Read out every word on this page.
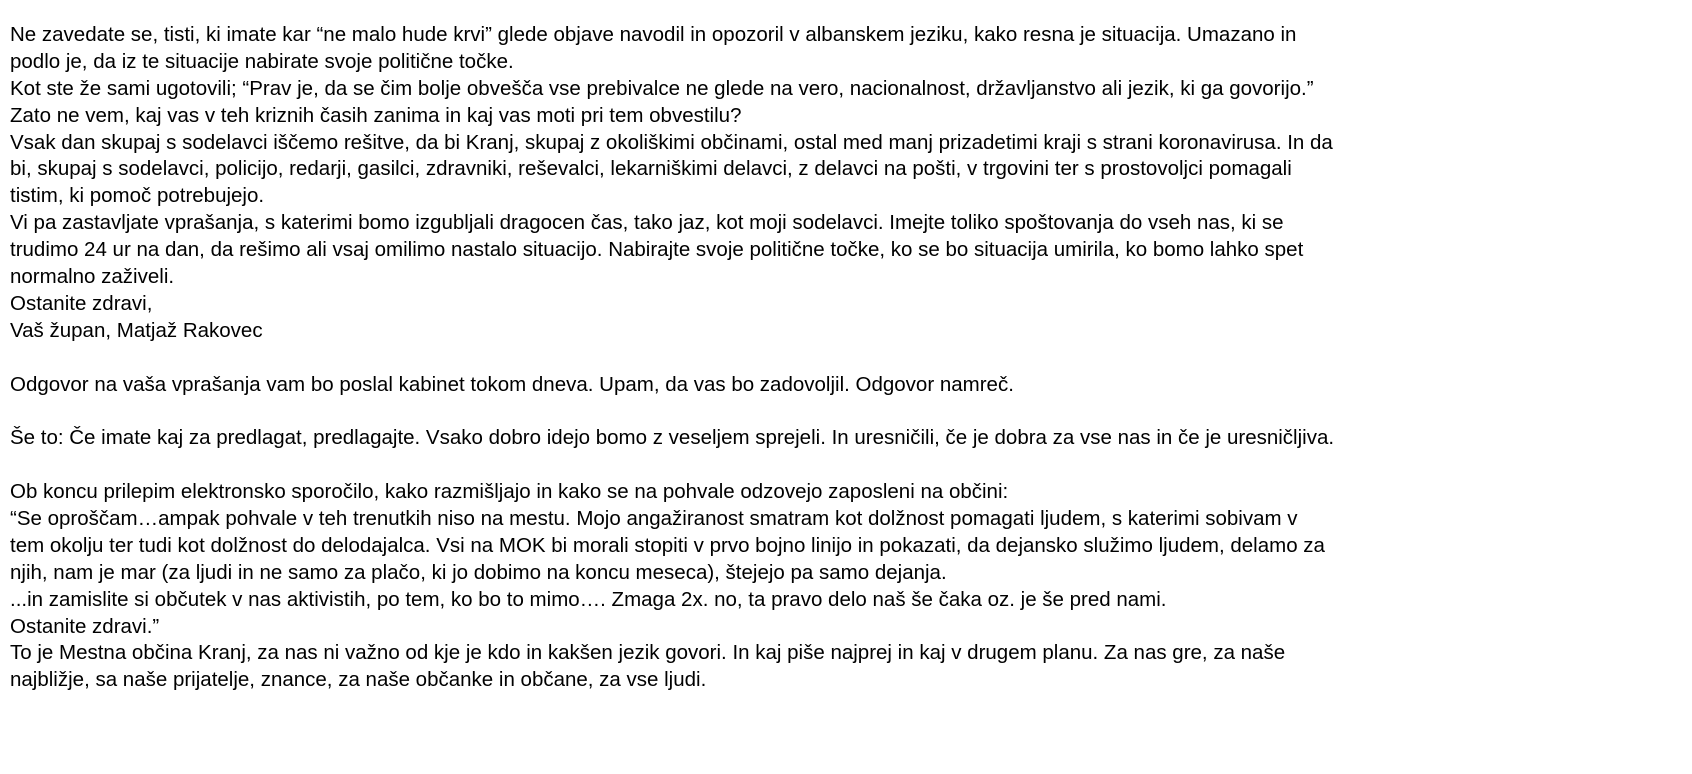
Ne zavedate se, tisti, ki imate kar “ne malo hude krvi” glede objave navodil in opozoril v albanskem jeziku, kako resna je situacija. Umazano in
podlo je, da iz te situacije nabirate svoje politične točke.
Kot ste že sami ugotovili; “Prav je, da se čim bolje obvešča vse prebivalce ne glede na vero, nacionalnost, državljanstvo ali jezik, ki ga govorijo.”
Zato ne vem, kaj vas v teh kriznih časih zanima in kaj vas moti pri tem obvestilu?
Vsak dan skupaj s sodelavci iščemo rešitve, da bi Kranj, skupaj z okoliškimi občinami, ostal med manj prizadetimi kraji s strani koronavirusa. In da
bi, skupaj s sodelavci, policijo, redarji, gasilci, zdravniki, reševalci, lekarniškimi delavci, z delavci na pošti, v trgovini ter s prostovoljci pomagali
tistim, ki pomoč potrebujejo.
Vi pa zastavljate vprašanja, s katerimi bomo izgubljali dragocen čas, tako jaz, kot moji sodelavci. Imejte toliko spoštovanja do vseh nas, ki se
trudimo 24 ur na dan, da rešimo ali vsaj omilimo nastalo situacijo. Nabirajte svoje politične točke, ko se bo situacija umirila, ko bomo lahko spet
normalno zaživeli.
Ostanite zdravi,
Vaš župan, Matjaž Rakovec
Odgovor na vaša vprašanja vam bo poslal kabinet tokom dneva. Upam, da vas bo zadovoljil. Odgovor namreč.
Še to: Če imate kaj za predlagat, predlagajte. Vsako dobro idejo bomo z veseljem sprejeli. In uresničili, če je dobra za vse nas in če je uresničljiva.
Ob koncu prilepim elektronsko sporočilo, kako razmišljajo in kako se na pohvale odzovejo zaposleni na občini:
“Se oproščam…ampak pohvale v teh trenutkih niso na mestu. Mojo angažiranost smatram kot dolžnost pomagati ljudem, s katerimi sobivam v
tem okolju ter tudi kot dolžnost do delodajalca. Vsi na MOK bi morali stopiti v prvo bojno linijo in pokazati, da dejansko služimo ljudem, delamo za
njih, nam je mar (za ljudi in ne samo za plačo, ki jo dobimo na koncu meseca), štejejo pa samo dejanja.
...in zamislite si občutek v nas aktivistih, po tem, ko bo to mimo…. Zmaga 2x. no, ta pravo delo naš še čaka oz. je še pred nami.
Ostanite zdravi.”
To je Mestna občina Kranj, za nas ni važno od kje je kdo in kakšen jezik govori. In kaj piše najprej in kaj v drugem planu. Za nas gre, za naše
najbližje, sa naše prijatelje, znance, za naše občanke in občane, za vse ljudi.
